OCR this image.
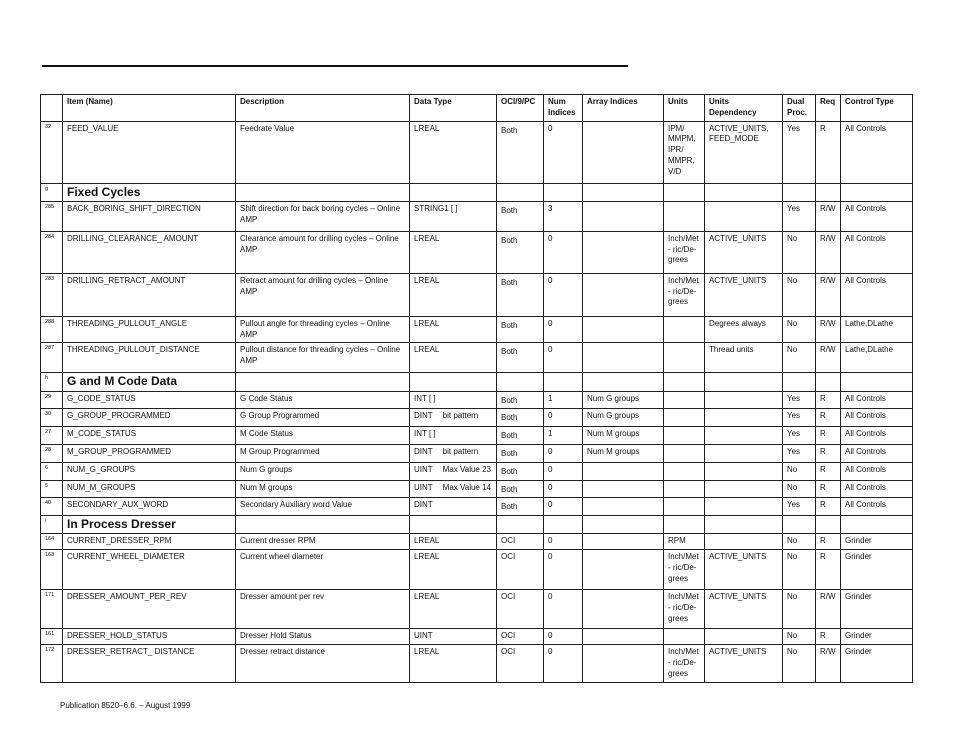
	Item (Name)	Description	Data Type	OCI/9/PC	Num Indices	Array Indices	Units	Units Dependency	Dual Proc.	Req	Control Type
32	FEED_VALUE	Feedrate Value	LREAL	Both	0		IPM/ MMPM, IPR/ MMPR, V/D	ACTIVE_UNITS, FEED_MODE	Yes	R	All Controls
g	Fixed Cycles										
285	BACK_BORING_SHIFT_DIRECTION	Shift direction for back boring cycles – Online AMP	STRING1 [ ]	Both	3				Yes	R/W	All Controls
284	DRILLING_CLEARANCE_ AMOUNT	Clearance amount for drilling cycles – Online AMP	LREAL	Both	0		Inch/Met- ric/De- grees	ACTIVE_UNITS	No	R/W	All Controls
283	DRILLING_RETRACT_AMOUNT	Retract amount for drilling cycles – Online AMP	LREAL	Both	0		Inch/Met- ric/De- grees	ACTIVE_UNITS	No	R/W	All Controls
288	THREADING_PULLOUT_ANGLE	Pullout angle for threading cycles – Online AMP	LREAL	Both	0			Degrees always	No	R/W	Lathe,DLathe
287	THREADING_PULLOUT_DISTANCE	Pullout distance for threading cycles – Online AMP	LREAL	Both	0			Thread units	No	R/W	Lathe,DLathe
h	G and M Code Data										
29	G_CODE_STATUS	G Code Status	INT [ ]	Both	1	Num G groups			Yes	R	All Controls
30	G_GROUP_PROGRAMMED	G Group Programmed	DINT bit pattern	Both	0	Num G groups			Yes	R	All Controls
27	M_CODE_STATUS	M Code Status	INT [ ]	Both	1	Num M groups			Yes	R	All Controls
28	M_GROUP_PROGRAMMED	M Group Programmed	DINT bit pattern	Both	0	Num M groups			Yes	R	All Controls
6	NUM_G_GROUPS	Num G groups	UINT Max Value 23	Both	0				No	R	All Controls
5	NUM_M_GROUPS	Num M groups	UINT Max Value 14	Both	0				No	R	All Controls
40	SECONDARY_AUX_WORD	Secondary Auxiliary word Value	DINT	Both	0				Yes	R	All Controls
i	In Process Dresser										
164	CURRENT_DRESSER_RPM	Current dresser RPM	LREAL	OCI	0		RPM		No	R	Grinder
163	CURRENT_WHEEL_DIAMETER	Current wheel diameter	LREAL	OCI	0		Inch/Met- ric/De- grees	ACTIVE_UNITS	No	R	Grinder
171	DRESSER_AMOUNT_PER_REV	Dresser amount per rev	LREAL	OCI	0		Inch/Met- ric/De- grees	ACTIVE_UNITS	No	R/W	Grinder
161	DRESSER_HOLD_STATUS	Dresser Hold Status	UINT	OCI	0				No	R	Grinder
172	DRESSER_RETRACT_ DISTANCE	Dresser retract distance	LREAL	OCI	0		Inch/Met- ric/De- grees	ACTIVE_UNITS	No	R/W	Grinder
Publication 8520–6.6. – August 1999
